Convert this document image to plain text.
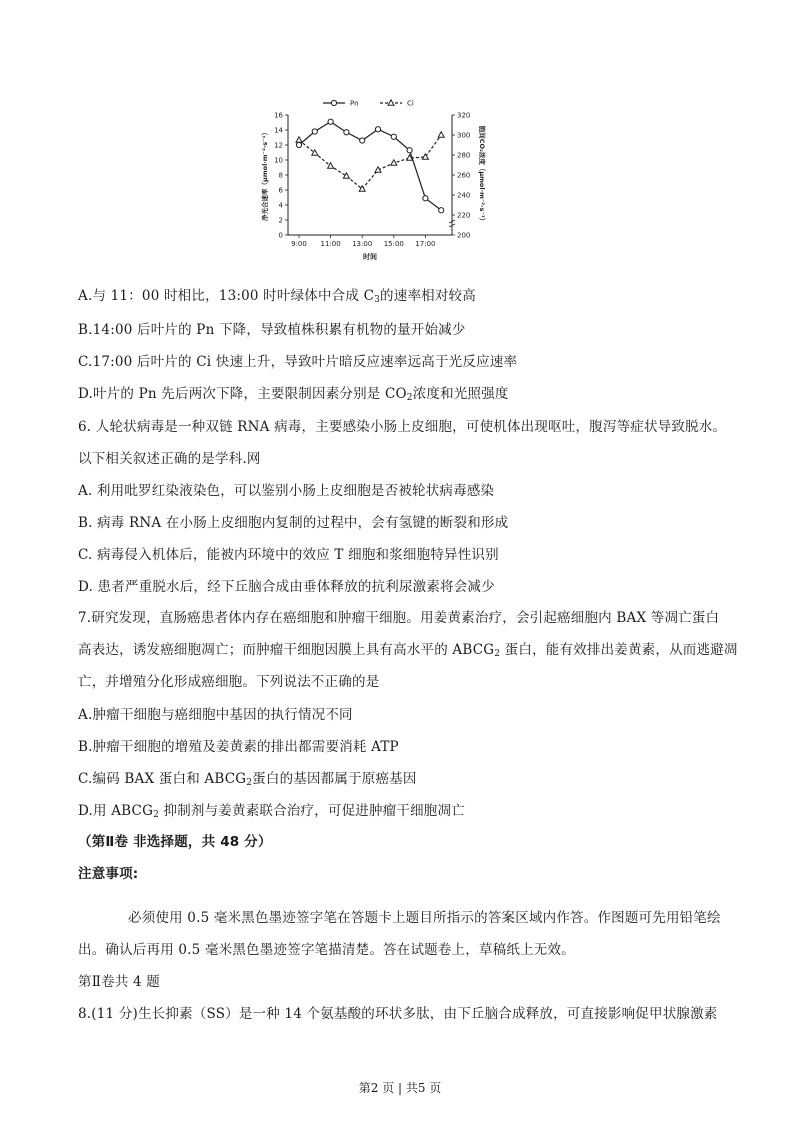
0
2
4
6
8
10
12
14
16
200
220
240
260
280
300
320
9:00 11:00 13:00 15:00 17:00
时间
净光合速率（μmol·m⁻²·s⁻¹）	胞间CO₂浓度（μmol·m⁻²·s⁻¹）
Pn	Ci
A.与 11：00 时相比，13:00 时叶绿体中合成 $C_3$的速率相对较高
B.14:00 后叶片的 Pn 下降，导致植株积累有机物的量开始减少
C.17:00 后叶片的 Ci 快速上升，导致叶片暗反应速率远高于光反应速率
D.叶片的 Pn 先后两次下降，主要限制因素分别是 $CO_2$浓度和光照强度
6. 人轮状病毒是一种双链 RNA 病毒，主要感染小肠上皮细胞，可使机体出现呕吐，腹泻等症状导致脱水。
以下相关叙述正确的是学科.网
A. 利用吡罗红染液染色，可以鉴别小肠上皮细胞是否被轮状病毒感染
B. 病毒 RNA 在小肠上皮细胞内复制的过程中，会有氢键的断裂和形成
C. 病毒侵入机体后，能被内环境中的效应 T 细胞和浆细胞特异性识别
D. 患者严重脱水后，经下丘脑合成由垂体释放的抗利尿激素将会减少
7.研究发现，直肠癌患者体内存在癌细胞和肿瘤干细胞。用姜黄素治疗，会引起癌细胞内 BAX 等凋亡蛋白
高表达，诱发癌细胞凋亡；而肿瘤干细胞因膜上具有高水平的 $ABCG_2$ 蛋白，能有效排出姜黄素，从而逃避凋
亡，并增殖分化形成癌细胞。下列说法不正确的是
A.肿瘤干细胞与癌细胞中基因的执行情况不同
B.肿瘤干细胞的增殖及姜黄素的排出都需要消耗 ATP
C.编码 BAX 蛋白和 $ABCG_2$蛋白的基因都属于原癌基因
D.用 $ABCG_2$ 抑制剂与姜黄素联合治疗，可促进肿瘤干细胞凋亡
（第Ⅱ卷 非选择题，共 48 分）
注意事项:
必须使用 0.5 毫米黑色墨迹签字笔在答题卡上题目所指示的答案区域内作答。作图题可先用铅笔绘
出。确认后再用 0.5 毫米黑色墨迹签字笔描清楚。答在试题卷上，草稿纸上无效。
第Ⅱ卷共 4 题
8.(11 分)生长抑素（SS）是一种 14 个氨基酸的环状多肽，由下丘脑合成释放，可直接影响促甲状腺激素
第2 页 | 共5 页
